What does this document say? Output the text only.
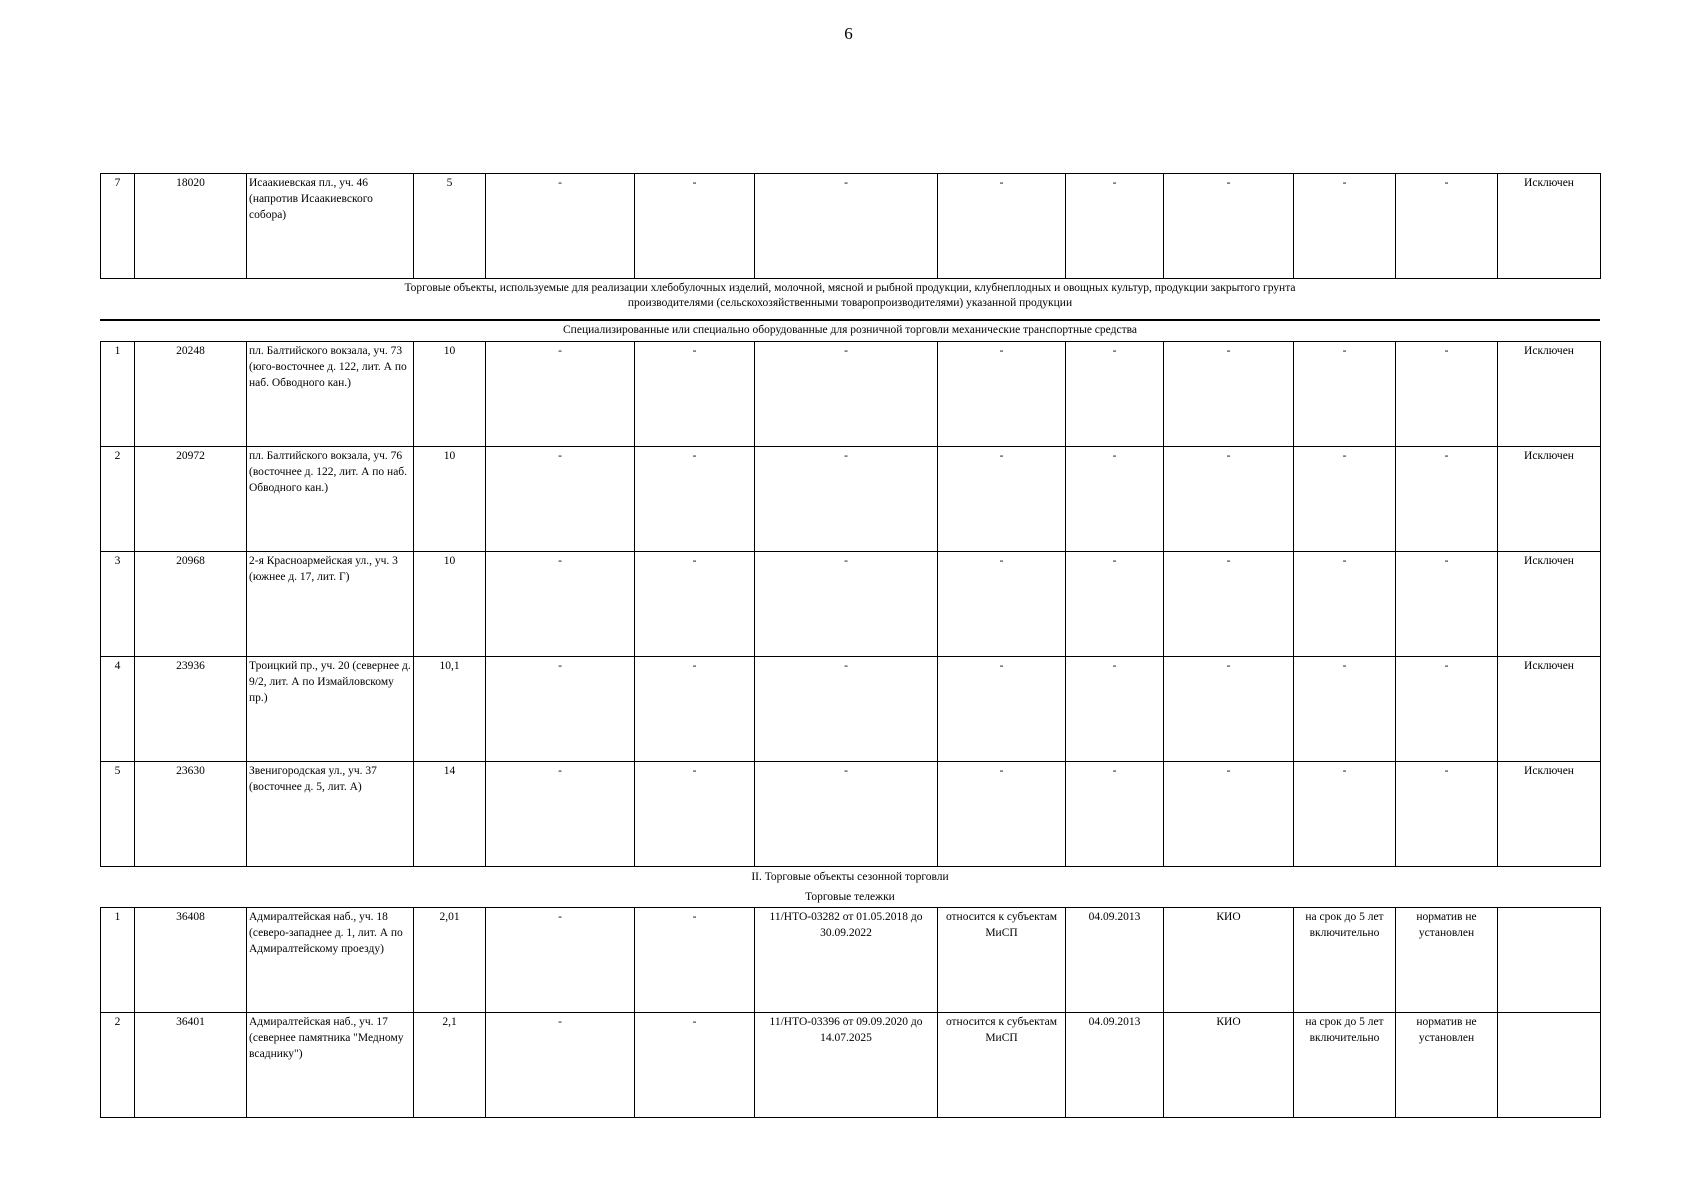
6
7	18020	Исаакиевская пл., уч. 46 (напротив Исаакиевского собора)	5	-	-	-	-	-	-	-	-	Исключен
Торговые объекты, используемые для реализации хлебобулочных изделий, молочной, мясной и рыбной продукции, клубнеплодных и овощных культур, продукции закрытого грунта производителями (сельскохозяйственными товаропроизводителями) указанной продукции
Специализированные или специально оборудованные для розничной торговли механические транспортные средства
1	20248	пл. Балтийского вокзала, уч. 73 (юго-восточнее д. 122, лит. А по наб. Обводного кан.)	10	-	-	-	-	-	-	-	-	Исключен
2	20972	пл. Балтийского вокзала, уч. 76 (восточнее д. 122, лит. А по наб. Обводного кан.)	10	-	-	-	-	-	-	-	-	Исключен
3	20968	2-я Красноармейская ул., уч. 3 (южнее д. 17, лит. Г)	10	-	-	-	-	-	-	-	-	Исключен
4	23936	Троицкий пр., уч. 20 (севернее д. 9/2, лит. А по Измайловскому пр.)	10,1	-	-	-	-	-	-	-	-	Исключен
5	23630	Звенигородская ул., уч. 37 (восточнее д. 5, лит. А)	14	-	-	-	-	-	-	-	-	Исключен
II. Торговые объекты сезонной торговли
Торговые тележки
1	36408	Адмиралтейская наб., уч. 18 (северо-западнее д. 1, лит. А по Адмиралтейскому проезду)	2,01	-	-	11/НТО-03282 от 01.05.2018 до 30.09.2022	относится к субъектам МиСП	04.09.2013	КИО	на срок до 5 лет включительно	норматив не установлен	
2	36401	Адмиралтейская наб., уч. 17 (севернее памятника "Медному всаднику")	2,1	-	-	11/НТО-03396 от 09.09.2020 до 14.07.2025	относится к субъектам МиСП	04.09.2013	КИО	на срок до 5 лет включительно	норматив не установлен	
